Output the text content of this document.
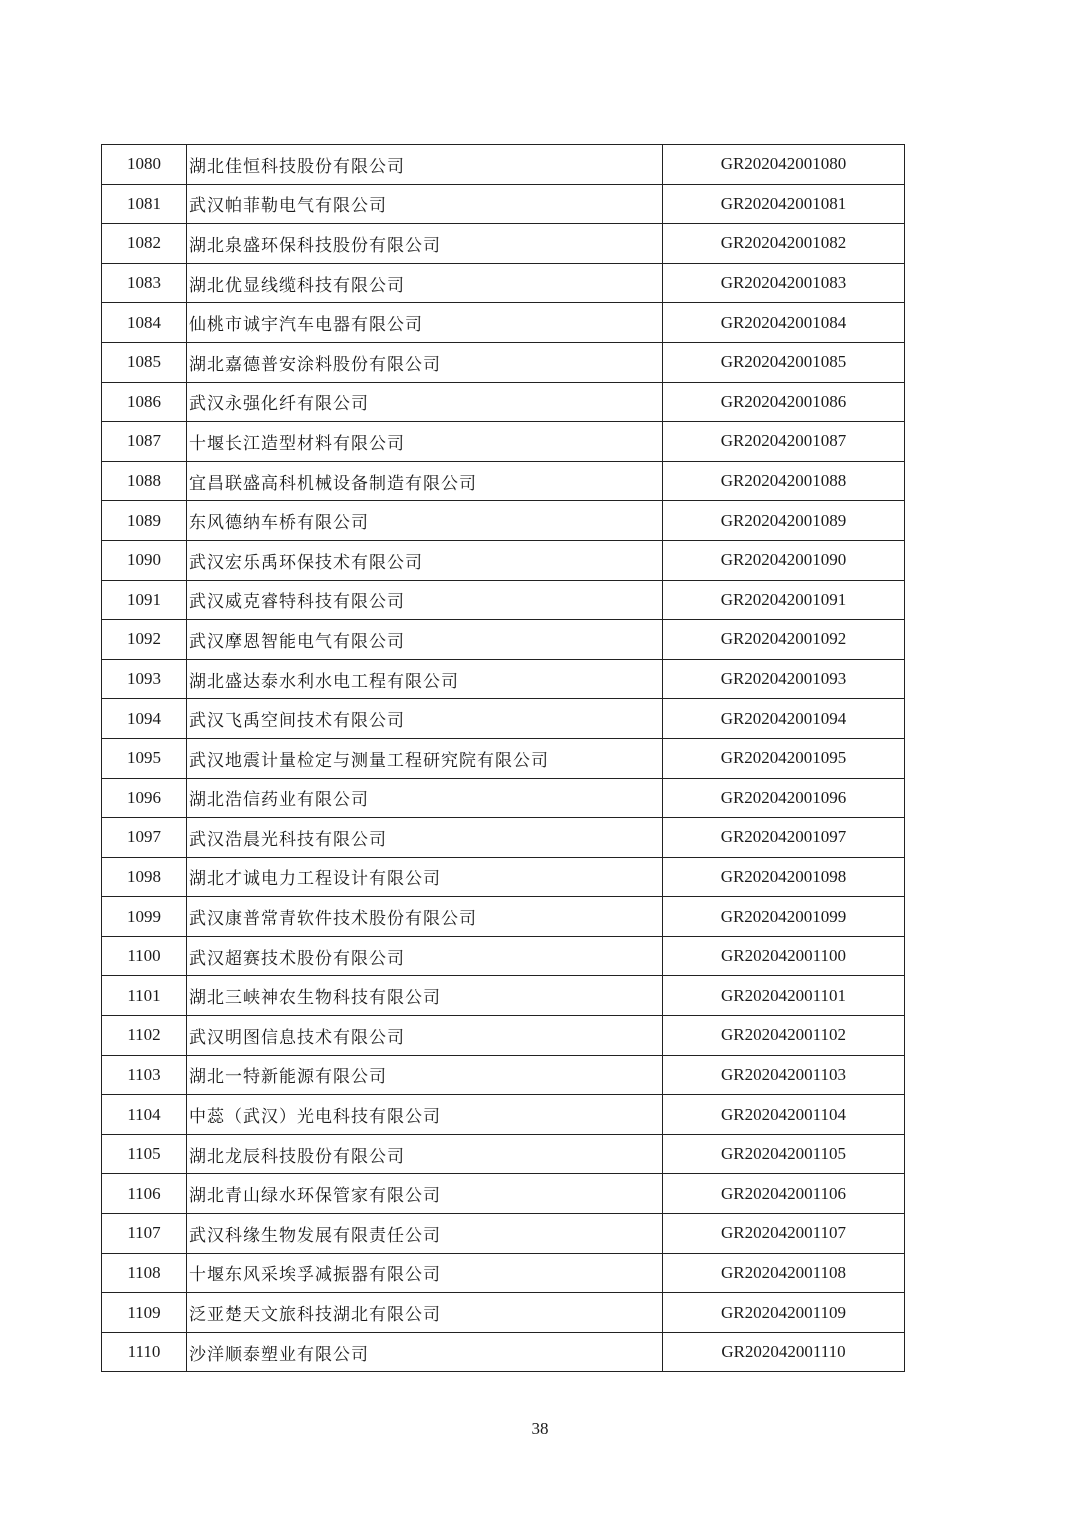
1080	湖北佳恒科技股份有限公司	GR202042001080
1081	武汉帕菲勒电气有限公司	GR202042001081
1082	湖北泉盛环保科技股份有限公司	GR202042001082
1083	湖北优显线缆科技有限公司	GR202042001083
1084	仙桃市诚宇汽车电器有限公司	GR202042001084
1085	湖北嘉德普安涂料股份有限公司	GR202042001085
1086	武汉永强化纤有限公司	GR202042001086
1087	十堰长江造型材料有限公司	GR202042001087
1088	宜昌联盛高科机械设备制造有限公司	GR202042001088
1089	东风德纳车桥有限公司	GR202042001089
1090	武汉宏乐禹环保技术有限公司	GR202042001090
1091	武汉威克睿特科技有限公司	GR202042001091
1092	武汉摩恩智能电气有限公司	GR202042001092
1093	湖北盛达泰水利水电工程有限公司	GR202042001093
1094	武汉飞禹空间技术有限公司	GR202042001094
1095	武汉地震计量检定与测量工程研究院有限公司	GR202042001095
1096	湖北浩信药业有限公司	GR202042001096
1097	武汉浩晨光科技有限公司	GR202042001097
1098	湖北才诚电力工程设计有限公司	GR202042001098
1099	武汉康普常青软件技术股份有限公司	GR202042001099
1100	武汉超赛技术股份有限公司	GR202042001100
1101	湖北三峡神农生物科技有限公司	GR202042001101
1102	武汉明图信息技术有限公司	GR202042001102
1103	湖北一特新能源有限公司	GR202042001103
1104	中蕊（武汉）光电科技有限公司	GR202042001104
1105	湖北龙辰科技股份有限公司	GR202042001105
1106	湖北青山绿水环保管家有限公司	GR202042001106
1107	武汉科缘生物发展有限责任公司	GR202042001107
1108	十堰东风采埃孚减振器有限公司	GR202042001108
1109	泛亚楚天文旅科技湖北有限公司	GR202042001109
1110	沙洋顺泰塑业有限公司	GR202042001110
38
